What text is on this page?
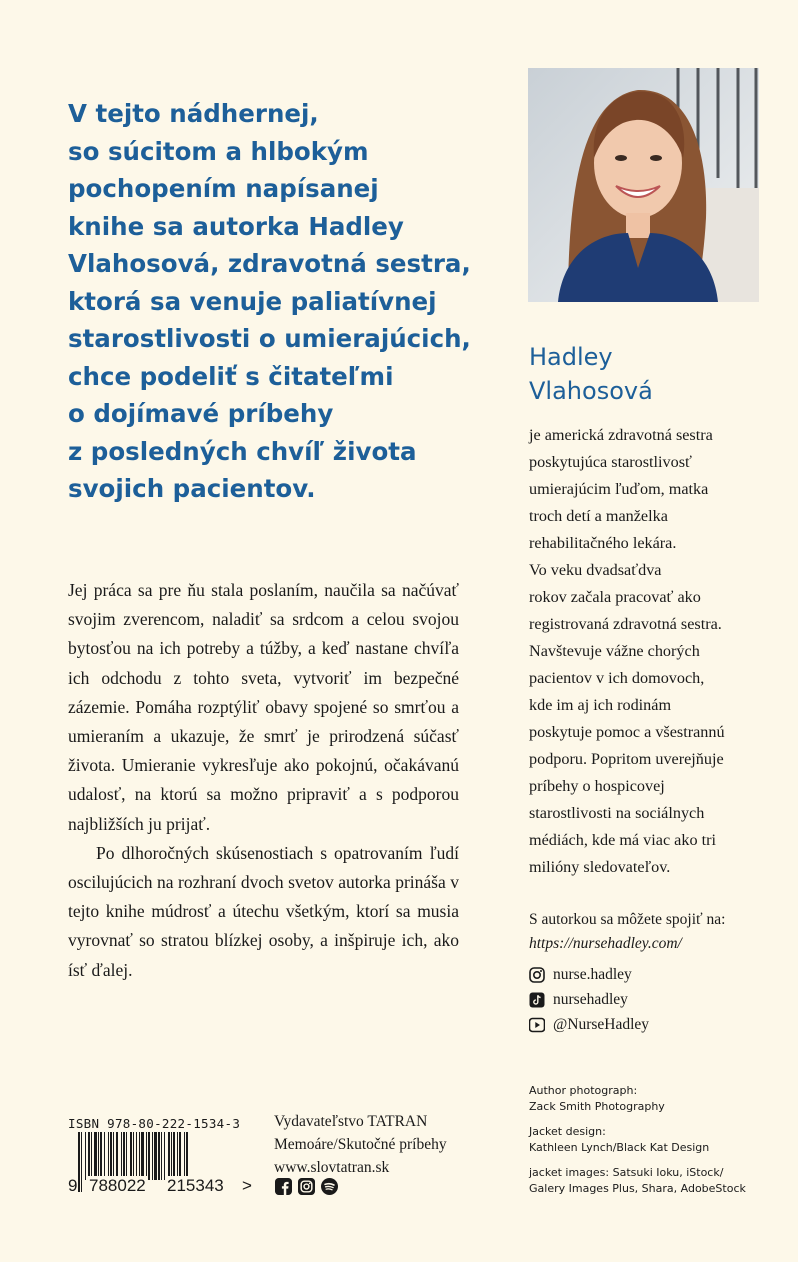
V tejto nádhernej,
so súcitom a hlbokým
pochopením napísanej
knihe sa autorka Hadley
Vlahosová, zdravotná sestra,
ktorá sa venuje paliatívnej
starostlivosti o umierajúcich,
chce podeliť s čitateľmi
o dojímavé príbehy
z posledných chvíľ života
svojich pacientov.

Jej práca sa pre ňu stala poslaním, naučila sa načúvať svojim zverencom, naladiť sa srdcom a celou svojou bytosťou na ich potreby a túžby, a keď nastane chvíľa ich odchodu z tohto sveta, vytvoriť im bezpečné zázemie. Pomáha rozptýliť obavy spojené so smrťou a umieraním a ukazuje, že smrť je prirodzená súčasť života. Umieranie vykresľuje ako pokojnú, očakávanú udalosť, na ktorú sa možno pripraviť a s podporou najbližších ju prijať.

Po dlhoročných skúsenostiach s opatrovaním ľudí oscilujúcich na rozhraní dvoch svetov autorka prináša v tejto knihe múdrosť a útechu všetkým, ktorí sa musia vyrovnať so stratou blízkej osoby, a inšpiruje ich, ako ísť ďalej.

Hadley
Vlahosová
je americká zdravotná sestra
poskytujúca starostlivosť
umierajúcim ľuďom, matka
troch detí a manželka
rehabilitačného lekára.
Vo veku dvadsaťdva
rokov začala pracovať ako
registrovaná zdravotná sestra.
Navštevuje vážne chorých
pacientov v ich domovoch,
kde im aj ich rodinám
poskytuje pomoc a všestrannú
podporu. Popritom uverejňuje
príbehy o hospicovej
starostlivosti na sociálnych
médiách, kde má viac ako tri
milióny sledovateľov.
S autorkou sa môžete spojiť na:
https://nursehadley.com/
nurse.hadley
nursehadley
@NurseHadley
Author photograph:
Zack Smith Photography
Jacket design:
Kathleen Lynch/Black Kat Design
jacket images: Satsuki Ioku, iStock/
Galery Images Plus, Shara, AdobeStock
ISBN 978-80-222-1534-3
9 788022 215343 >
Vydavateľstvo TATRAN
Memoáre/Skutočné príbehy
www.slovtatran.sk
